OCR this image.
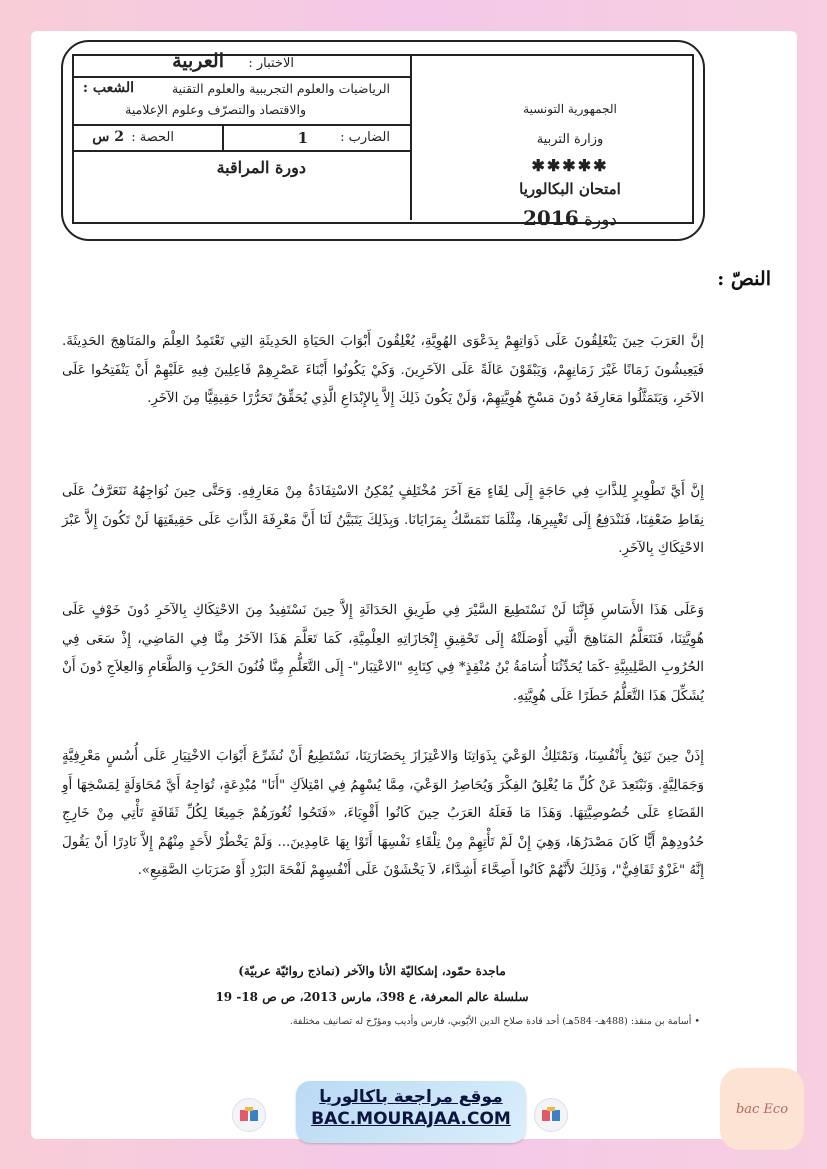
الاختبار :
العربية
الشعب :	الرياضيات والعلوم التجريبية والعلوم التقنية
والاقتصاد والتصرّف وعلوم الإعلامية
الضارب :
1
الحصة :
2 س
دورة المراقبة
الجمهورية التونسية
وزارة التربية
✱✱✱✱✱
امتحان البكالوريا
دورة 2016
النصّ :
إنَّ العَرَبَ حِينَ يَنْغَلِقُونَ عَلَى ذَوَاتِهِمْ بِدَعْوَى الهُوِيَّةِ، يُغْلِقُونَ أَبْوَابَ الحَيَاةِ الحَدِيثَةِ التِي تَعْتَمِدُ العِلْمَ والمَنَاهِجَ الحَدِيثَةَ. فَيَعِيشُونَ زَمَانًا غَيْرَ زَمَانِهِمْ، وَيَبْقَوْنَ عَالَةً عَلَى الآخَرِينَ. وَكَيْ يَكُونُوا أَبْنَاءَ عَصْرِهِمْ فَاعِلِينَ فِيهِ عَلَيْهِمْ أَنْ يَنْفَتِحُوا عَلَى الآخَرِ، وَيَتَمَثَّلُوا مَعَارِفَهُ دُونَ مَسْخِ هُوِيَّتِهِمْ، وَلَنْ يَكُونَ ذَلِكَ إِلاَّ بِالإِبْدَاعِ الَّذِي يُحَقِّقُ تَحَرُّرًا حَقِيقِيًّا مِنَ الآخَرِ.
إِنَّ أَيَّ تَطْوِيرٍ لِلذَّاتِ فِي حَاجَةٍ إِلَى لِقَاءٍ مَعَ آخَرَ مُخْتَلِفٍ يُمْكِنُ الاسْتِفَادَةُ مِنْ مَعَارِفِهِ. وَحَتَّى حِينَ نُوَاجِهُهُ نَتَعَرَّفُ عَلَى نِقَاطِ ضَعْفِنَا، فَنَنْدَفِعُ إِلَى تَغْيِيرِهَا، مِثْلَمَا نَتَمَسَّكُ بِمَزَايَانَا. وَبِذَلِكَ يَتَبَيَّنُ لَنَا أَنَّ مَعْرِفَةَ الذَّاتِ عَلَى حَقِيقَتِهَا لَنْ تَكُونَ إِلاَّ عَبْرَ الاحْتِكَاكِ بِالآخَرِ.
وَعَلَى هَذَا الأَسَاسِ فَإِنَّنَا لَنْ نَسْتَطِيعَ السَّيْرَ فِي طَرِيقِ الحَدَاثَةِ إِلاَّ حِينَ نَسْتَفِيدُ مِنَ الاحْتِكَاكِ بِالآخَرِ دُونَ خَوْفٍ عَلَى هُوِيَّتِنَا، فَنَتَعَلَّمُ المَنَاهِجَ الَّتِي أَوْصَلَتْهُ إِلَى تَحْقِيقِ إِنْجَازَاتِهِ العِلْمِيَّةِ، كَمَا تَعَلَّمَ هَذَا الآخَرُ مِنَّا فِي المَاضِي، إِذْ سَعَى فِي الحُرُوبِ الصَّلِيبِيَّةِ -كَمَا يُحَدِّثُنَا أُسَامَةُ بْنُ مُنْقِذٍ* فِي كِتَابِهِ "الاعْتِبَار"- إِلَى التَّعَلُّمِ مِنَّا فُنُونَ الحَرْبِ وَالطَّعَامِ وَالعِلاَجِ دُونَ أَنْ يُشَكِّلَ هَذَا التَّعَلُّمُ خَطَرًا عَلَى هُوِيَّتِهِ.
إِذَنْ حِينَ نَثِقُ بِأَنْفُسِنَا، وَنَمْتَلِكُ الوَعْيَ بِذَوَاتِنَا وَالاعْتِزَازَ بِحَضَارَتِنَا، نَسْتَطِيعُ أَنْ نُشَرِّعَ أَبْوَابَ الاخْتِيَارِ عَلَى أُسُسٍ مَعْرِفِيَّةٍ وَجَمَالِيَّةٍ. وَنَبْتَعِدَ عَنْ كُلِّ مَا يُغْلِقُ الفِكْرَ وَيُحَاصِرُ الوَعْيَ، مِمَّا يُسْهِمُ فِي امْتِلاَكِ "أَنَا" مُبْدِعَةٍ، تُوَاجِهُ أَيَّ مُحَاوَلَةٍ لِمَسْخِهَا أَوِ القَضَاءِ عَلَى خُصُوصِيَّتِهَا. وَهَذَا مَا فَعَلَهُ العَرَبُ حِينَ كَانُوا أَقْوِيَاءَ، «فَتَحُوا ثُغُورَهُمْ جَمِيعًا لِكُلِّ ثَقَافَةٍ تَأْتِي مِنْ خَارِجِ حُدُودِهِمْ أَيًّا كَانَ مَصْدَرُهَا، وَهِيَ إِنْ لَمْ تَأْتِهِمْ مِنْ تِلْقَاءِ نَفْسِهَا أَتَوْا بِهَا عَامِدِينَ... وَلَمْ يَخْطُرْ لأَحَدٍ مِنْهُمْ إِلاَّ نَادِرًا أَنْ يَقُولَ إِنَّهُ "غَزْوٌ ثَقَافِيٌّ"، وَذَلِكَ لأَنَّهُمْ كَانُوا أَصِحَّاءَ أَشِدَّاءَ، لاَ يَخْشَوْنَ عَلَى أَنْفُسِهِمْ لَفْحَةَ البَرْدِ أَوْ ضَرَبَاتِ الصَّقِيعِ».
ماجدة حمّود، إشكاليّة الأنا والآخر (نماذج روائيّة عربيّة)
سلسلة عالم المعرفة، ع 398، مارس 2013، ص ص 18- 19
• أسامة بن منقذ: (488هـ- 584هـ) أحد قادة صلاح الدين الأيّوبي، فارس وأديب ومؤرّخ له تصانيف مختلفة.
موقع مراجعة باكالوريا
BAC.MOURAJAA.COM	bac Eco
